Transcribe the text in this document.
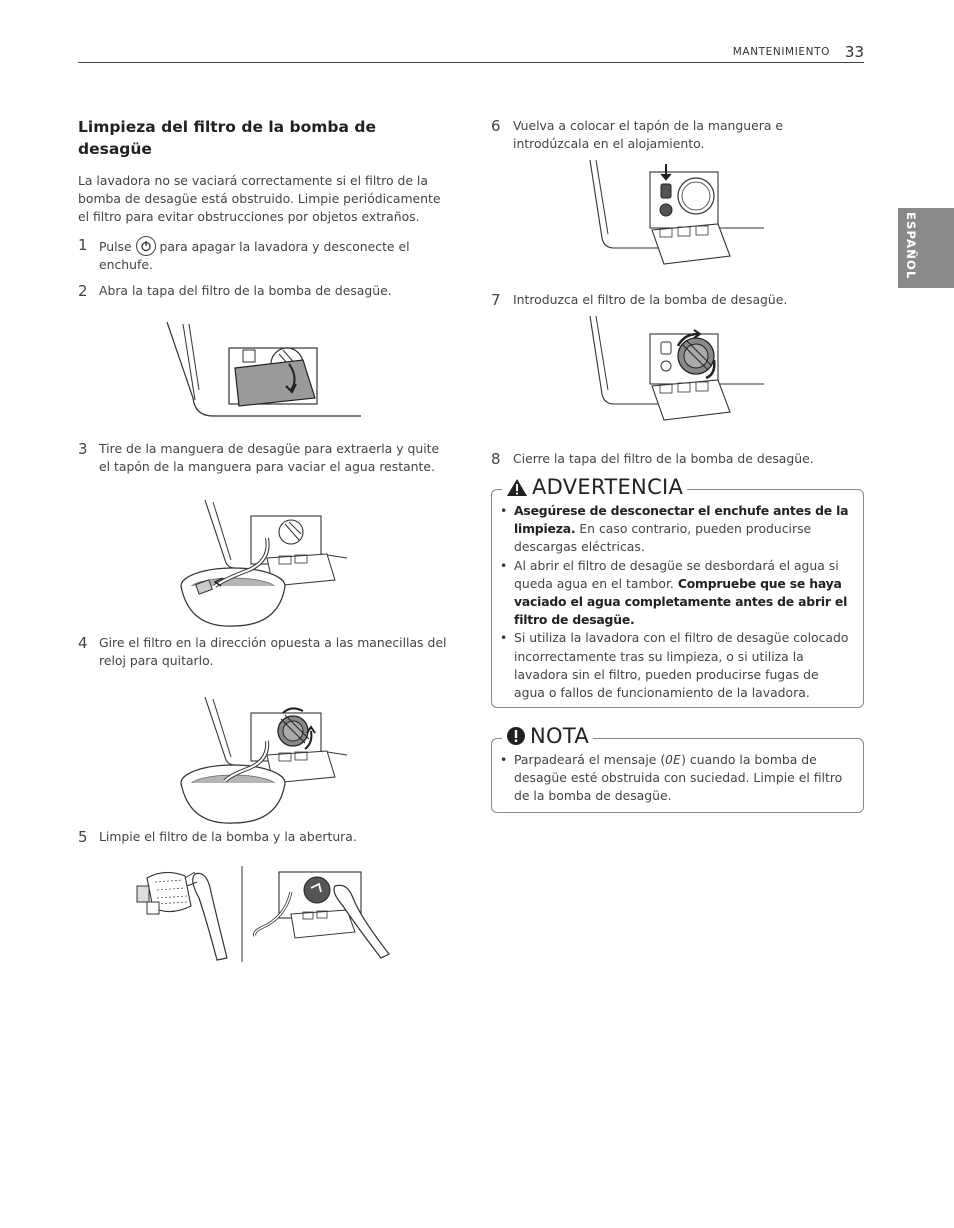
MANTENIMIENTO 33
ESPAÑOL
Limpieza del filtro de la bomba de desagüe
La lavadora no se vaciará correctamente si el filtro de la bomba de desagüe está obstruido. Limpie periódicamente el filtro para evitar obstrucciones por objetos extraños.
1 Pulse para apagar la lavadora y desconecte el
enchufe.
2 Abra la tapa del filtro de la bomba de desagüe.
3 Tire de la manguera de desagüe para extraerla y quite el tapón de la manguera para vaciar el agua restante.
4 Gire el filtro en la dirección opuesta a las manecillas del reloj para quitarlo.
5 Limpie el filtro de la bomba y la abertura.
6 Vuelva a colocar el tapón de la manguera e introdúzcala en el alojamiento.
7 Introduzca el filtro de la bomba de desagüe.
8 Cierre la tapa del filtro de la bomba de desagüe.
ADVERTENCIA
• Asegúrese de desconectar el enchufe antes de la limpieza. En caso contrario, pueden producirse descargas eléctricas.
• Al abrir el filtro de desagüe se desbordará el agua si queda agua en el tambor. Compruebe que se haya vaciado el agua completamente antes de abrir el filtro de desagüe.
• Si utiliza la lavadora con el filtro de desagüe colocado incorrectamente tras su limpieza, o si utiliza la lavadora sin el filtro, pueden producirse fugas de agua o fallos de funcionamiento de la lavadora.
NOTA
• Parpadeará el mensaje (OE) cuando la bomba de desagüe esté obstruida con suciedad. Limpie el filtro de la bomba de desagüe.
